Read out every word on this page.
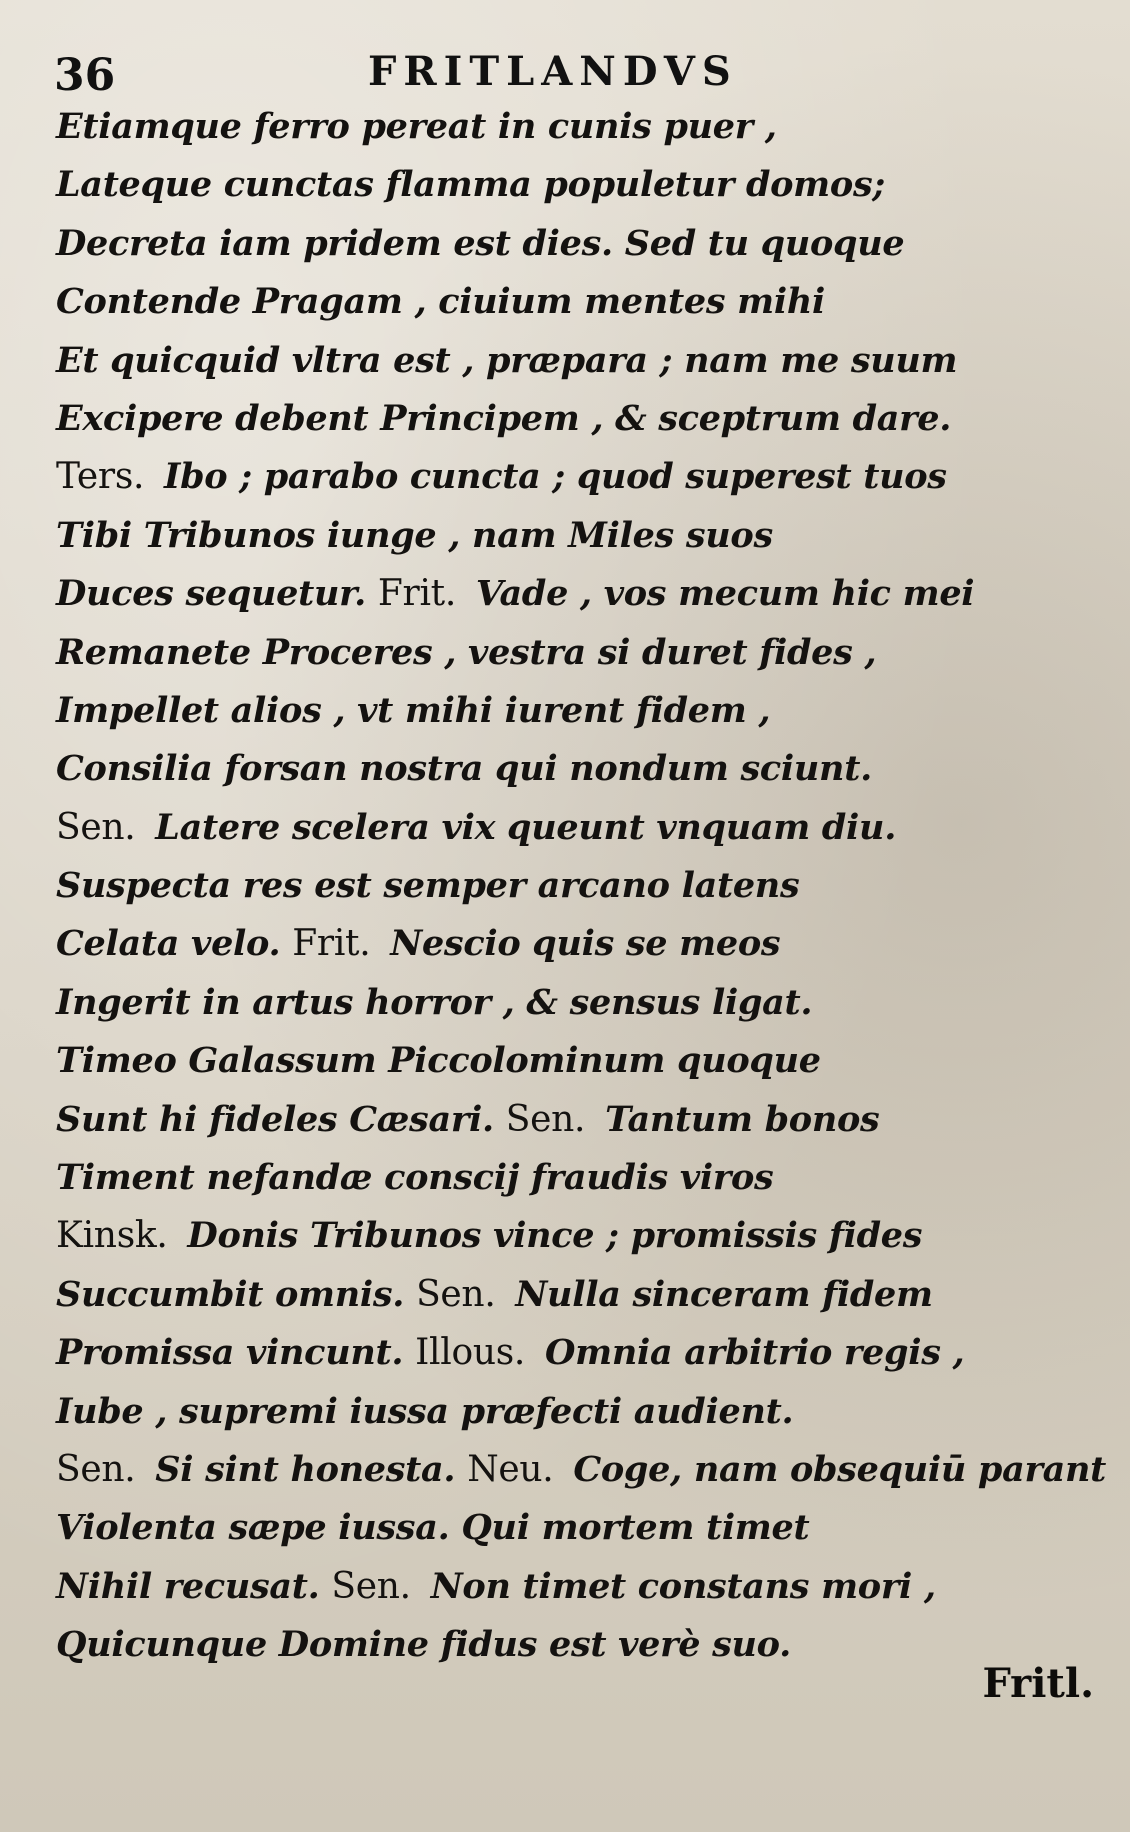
36	FRITLANDVS
Etiamque ferro pereat in cunis puer ,
Lateque cunctas flamma populetur domos;
Decreta iam pridem est dies. Sed tu quoque
Contende Pragam , ciuium mentes mihi
Et quicquid vltra est , præpara ; nam me suum
Excipere debent Principem , & sceptrum dare.
Ters. Ibo ; parabo cuncta ; quod superest tuos
Tibi Tribunos iunge , nam Miles suos
Duces sequetur. Frit. Vade , vos mecum hic mei
Remanete Proceres , vestra si duret fides ,
Impellet alios , vt mihi iurent fidem ,
Consilia forsan nostra qui nondum sciunt.
Sen. Latere scelera vix queunt vnquam diu.
Suspecta res est semper arcano latens
Celata velo. Frit. Nescio quis se meos
Ingerit in artus horror , & sensus ligat.
Timeo Galassum Piccolominum quoque
Sunt hi fideles Cæsari. Sen. Tantum bonos
Timent nefandæ conscij fraudis viros
Kinsk. Donis Tribunos vince ; promissis fides
Succumbit omnis. Sen. Nulla sinceram fidem
Promissa vincunt. Illous. Omnia arbitrio regis ,
Iube , supremi iussa præfecti audient.
Sen. Si sint honesta. Neu. Coge, nam obsequiū parant
Violenta sæpe iussa. Qui mortem timet
Nihil recusat. Sen. Non timet constans mori ,
Quicunque Domine fidus est verè suo.
Fritl.
